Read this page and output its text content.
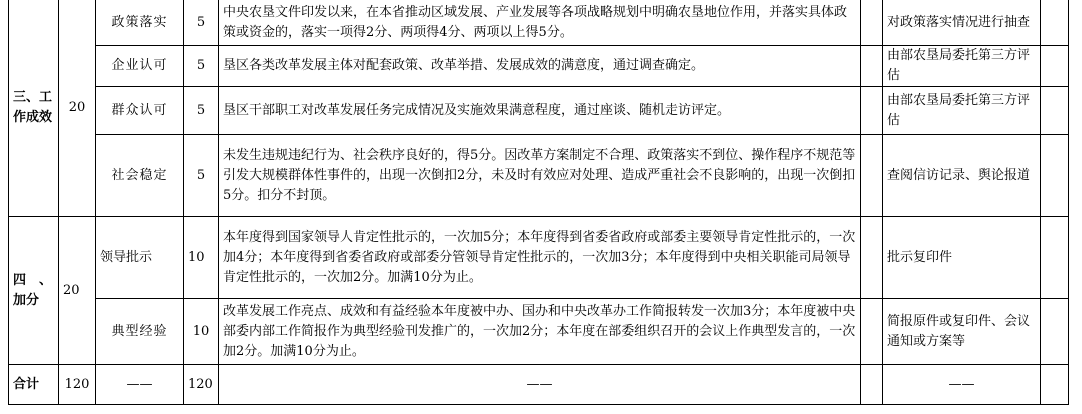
三、工作成效	20	政策落实	5	中央农垦文件印发以来，在本省推动区域发展、产业发展等各项战略规划中明确农垦地位作用，并落实具体政策或资金的，落实一项得2分、两项得4分、两项以上得5分。		对政策落实情况进行抽查	
		企业认可	5	垦区各类改革发展主体对配套政策、改革举措、发展成效的满意度，通过调查确定。		由部农垦局委托第三方评估	
		群众认可	5	垦区干部职工对改革发展任务完成情况及实施效果满意程度，通过座谈、随机走访评定。		由部农垦局委托第三方评估	
		社会稳定	5	未发生违规违纪行为、社会秩序良好的，得5分。因改革方案制定不合理、政策落实不到位、操作程序不规范等引发大规模群体性事件的，出现一次倒扣2分，未及时有效应对处理、造成严重社会不良影响的，出现一次倒扣5分。扣分不封顶。		查阅信访记录、舆论报道	
四　、加分	20	领导批示	10	本年度得到国家领导人肯定性批示的，一次加5分；本年度得到省委省政府或部委主要领导肯定性批示的，一次加4分；本年度得到省委省政府或部委分管领导肯定性批示的，一次加3分；本年度得到中央相关职能司局领导肯定性批示的，一次加2分。加满10分为止。		批示复印件	
		典型经验	10	改革发展工作亮点、成效和有益经验本年度被中办、国办和中央改革办工作简报转发一次加3分；本年度被中央部委内部工作简报作为典型经验刊发推广的，一次加2分；本年度在部委组织召开的会议上作典型发言的，一次加2分。加满10分为止。		简报原件或复印件、会议通知或方案等	
合计	120	——	120	——		——	
